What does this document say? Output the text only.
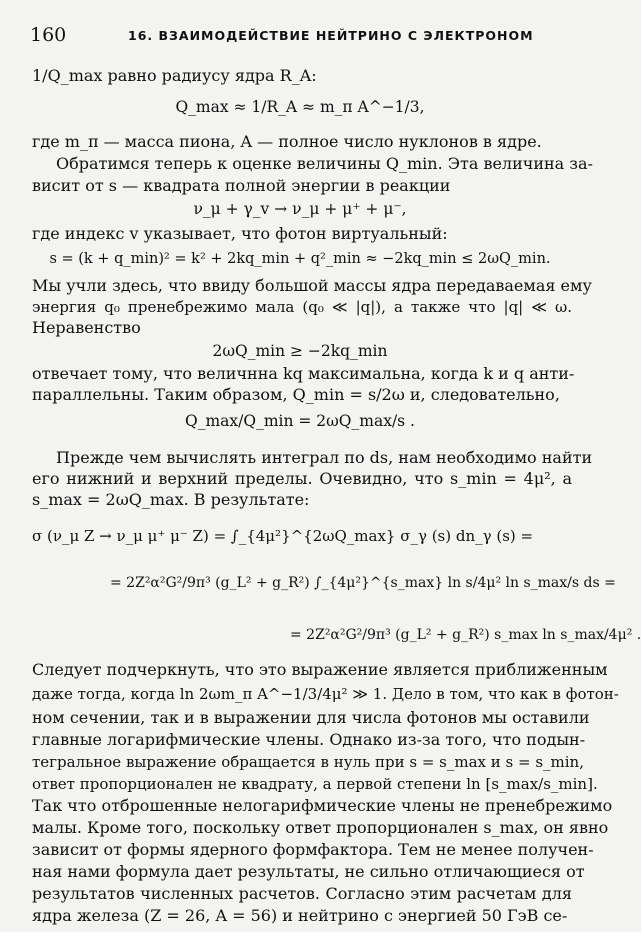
160	16. ВЗАИМОДЕЙСТВИЕ НЕЙТРИНО С ЭЛЕКТРОНОМ
1/Q_max равно радиусу ядра R_A:
Q_max ≈ 1/R_A ≈ m_π A^−1/3,
где m_π — масса пиона, A — полное число нуклонов в ядре.
Обратимся теперь к оценке величины Q_min. Эта величина за-
висит от s — квадрата полной энергии в реакции
ν_μ + γ_v → ν_μ + μ⁺ + μ⁻,
где индекс v указывает, что фотон виртуальный:
s = (k + q_min)² = k² + 2kq_min + q²_min ≈ −2kq_min ≤ 2ωQ_min.
Мы учли здесь, что ввиду большой массы ядра передаваемая ему
энергия q₀ пренебрежимо мала (q₀ ≪ |q|), а также что |q| ≪ ω.
Неравенство
2ωQ_min ≥ −2kq_min
отвечает тому, что величнна kq максимальна, когда k и q анти-
параллельны. Таким образом, Q_min = s/2ω и, следовательно,
Q_max/Q_min = 2ωQ_max/s .
Прежде чем вычислять интеграл по ds, нам необходимо найти
его нижний и верхний пределы. Очевидно, что s_min = 4μ², а
s_max = 2ωQ_max. В результате:
σ (ν_μ Z → ν_μ μ⁺ μ⁻ Z) = ∫_{4μ²}^{2ωQ_max} σ_γ (s) dn_γ (s) =
= 2Z²α²G²/9π³ (g_L² + g_R²) ∫_{4μ²}^{s_max} ln s/4μ² ln s_max/s ds =
= 2Z²α²G²/9π³ (g_L² + g_R²) s_max ln s_max/4μ² .
Следует подчеркнуть, что это выражение является приближенным
даже тогда, когда ln 2ωm_π A^−1/3/4μ² ≫ 1. Дело в том, что как в фотон-
ном сечении, так и в выражении для числа фотонов мы оставили
главные логарифмические члены. Однако из-за того, что подын-
тегральное выражение обращается в нуль при s = s_max и s = s_min,
ответ пропорционален не квадрату, а первой степени ln [s_max/s_min].
Так что отброшенные нелогарифмические члены не пренебрежимо
малы. Кроме того, поскольку ответ пропорционален s_max, он явно
зависит от формы ядерного формфактора. Тем не менее получен-
ная нами формула дает результаты, не сильно отличающиеся от
результатов численных расчетов. Согласно этим расчетам для
ядра железа (Z = 26, A = 56) и нейтрино с энергией 50 ГэВ се-
